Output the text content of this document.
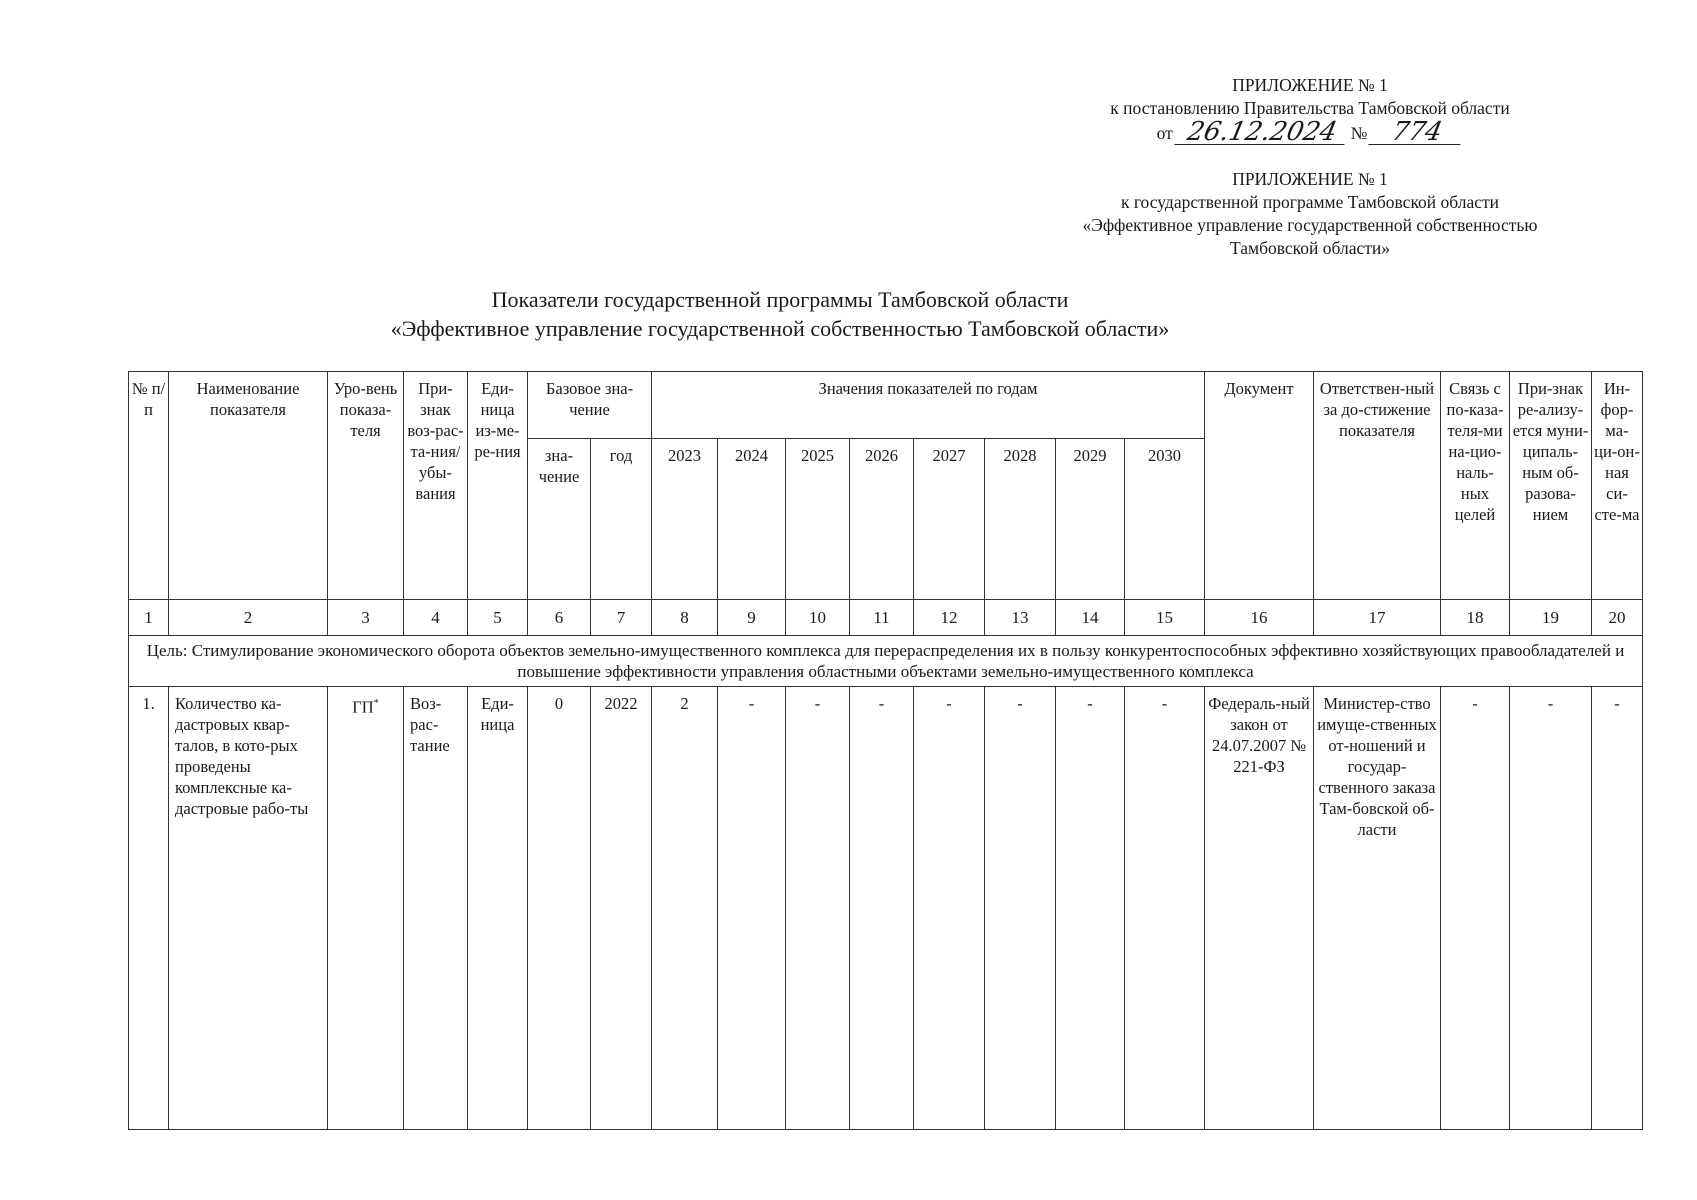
ПРИЛОЖЕНИЕ № 1
к постановлению Правительства Тамбовской области
от 26.12.2024 № 774
ПРИЛОЖЕНИЕ № 1
к государственной программе Тамбовской области
«Эффективное управление государственной собственностью
Тамбовской области»
Показатели государственной программы Тамбовской области
«Эффективное управление государственной собственностью Тамбовской области»
№ п/п	Наименование показателя	Уро-вень показа-теля	При-знак воз-рас-та-ния/ убы-вания	Еди-ница из-ме-ре-ния	Базовое зна-чение		Значения показателей по годам								Документ	Ответствен-ный за до-стижение показателя	Связь с по-каза-теля-ми на-цио-наль-ных целей	При-знак ре-ализу-ется муни-ципаль-ным об-разова-нием	Ин-фор-ма-ци-он-ная си-сте-ма
					зна-чение	год	2023	2024	2025	2026	2027	2028	2029	2030					
1	2	3	4	5	6	7	8	9	10	11	12	13	14	15	16	17	18	19	20
Цель: Стимулирование экономического оборота объектов земельно-имущественного комплекса для перераспределения их в пользу конкурентоспособных эффективно хозяйствующих правообладателей и повышение эффективности управления областными объектами земельно-имущественного комплекса																			
1.	Количество ка-дастровых квар-талов, в кото-рых проведены комплексные ка-дастровые рабо-ты	ГП*	Воз-рас-тание	Еди-ница	0	2022	2	-	-	-	-	-	-	-	Федераль-ный закон от 24.07.2007 № 221-ФЗ	Министер-ство имуще-ственных от-ношений и государ-ственного заказа Там-бовской об-ласти	-	-	-
